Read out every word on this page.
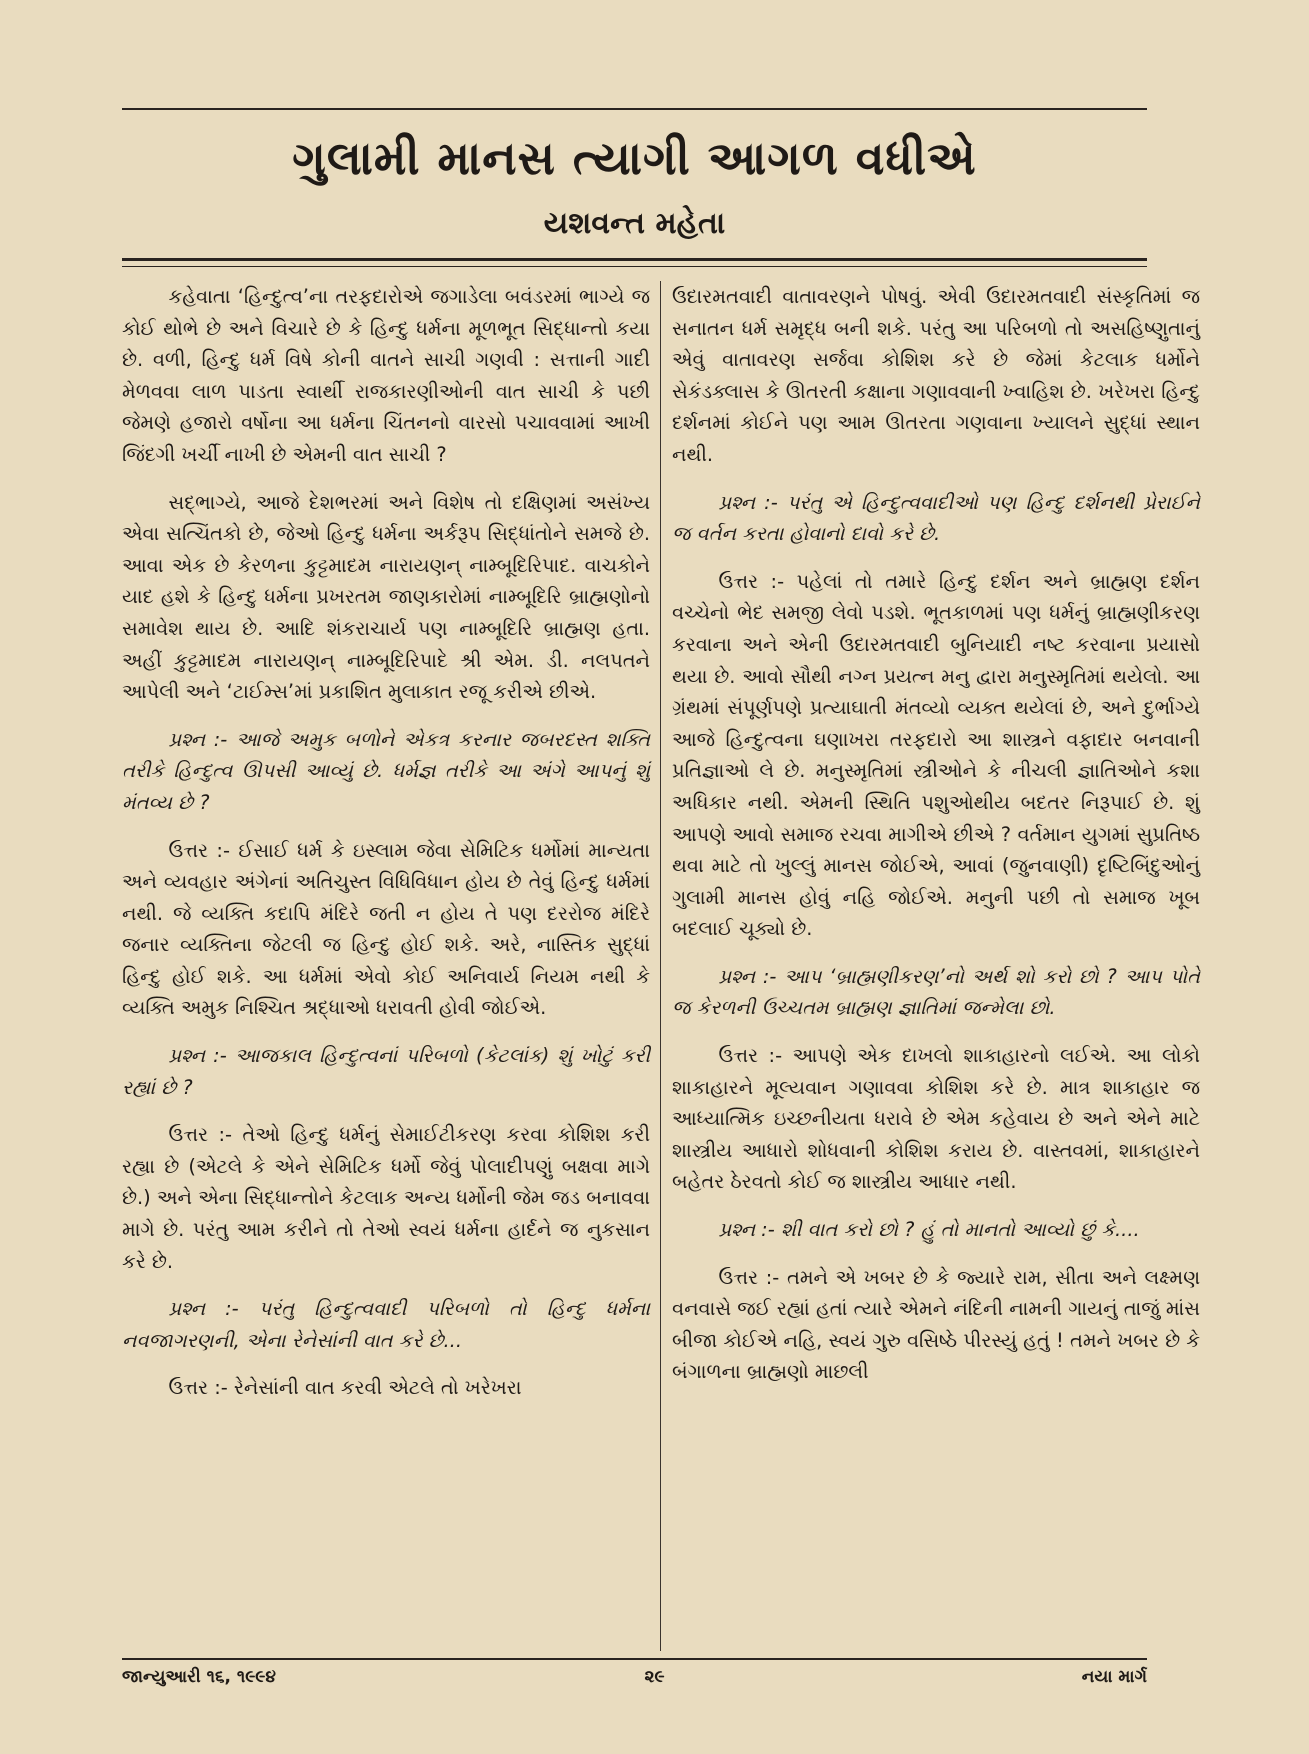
ગુલામી માનસ ત્યાગી આગળ વધીએ
યશવન્ત મહેતા

કહેવાતા ‘હિન્દુત્વ’ના તરફદારોએ જગાડેલા બવંડરમાં ભાગ્યે જ કોઈ થોભે છે અને વિચારે છે કે હિન્દુ ધર્મના મૂળભૂત સિદ્ધાન્તો કયા છે. વળી, હિન્દુ ધર્મ વિષે કોની વાતને સાચી ગણવી : સત્તાની ગાદી મેળવવા લાળ પાડતા સ્વાર્થી રાજકારણીઓની વાત સાચી કે પછી જેમણે હજારો વર્ષોના આ ધર્મના ચિંતનનો વારસો પચાવવામાં આખી જિંદગી ખર્ચી નાખી છે એમની વાત સાચી ?

સદ્‌ભાગ્યે, આજે દેશભરમાં અને વિશેષ તો દક્ષિણમાં અસંખ્ય એવા સત્ચિંતકો છે, જેઓ હિન્દુ ધર્મના અર્કરૂપ સિદ્ધાંતોને સમજે છે. આવા એક છે કેરળના કુટ્ટમાદમ નારાયણન્ નામ્બૂદિરિપાદ. વાચકોને યાદ હશે કે હિન્દુ ધર્મના પ્રખરતમ જાણકારોમાં નામ્બૂદિરિ બ્રાહ્મણોનો સમાવેશ થાય છે. આદિ શંકરાચાર્ય પણ નામ્બૂદિરિ બ્રાહ્મણ હતા. અહીં કુટ્ટમાદમ નારાયણન્ નામ્બૂદિરિપાદે શ્રી એમ. ડી. નલપતને આપેલી અને ‘ટાઈમ્સ’માં પ્રકાશિત મુલાકાત રજૂ કરીએ છીએ.

પ્રશ્ન :- આજે અમુક બળોને એકત્ર કરનાર જબરદસ્ત શક્તિ તરીકે હિન્દુત્વ ઊપસી આવ્યું છે. ધર્મજ્ઞ તરીકે આ અંગે આપનું શું મંતવ્ય છે ?

ઉત્તર :- ઈસાઈ ધર્મ કે ઇસ્લામ જેવા સેમિટિક ધર્મોમાં માન્યતા અને વ્યવહાર અંગેનાં અતિચુસ્ત વિધિવિધાન હોય છે તેવું હિન્દુ ધર્મમાં નથી. જે વ્યક્તિ કદાપિ મંદિરે જતી ન હોય તે પણ દરરોજ મંદિરે જનાર વ્યક્તિના જેટલી જ હિન્દુ હોઈ શકે. અરે, નાસ્તિક સુદ્ધાં હિન્દુ હોઈ શકે. આ ધર્મમાં એવો કોઈ અનિવાર્ય નિયમ નથી કે વ્યક્તિ અમુક નિશ્ચિત શ્રદ્ધાઓ ધરાવતી હોવી જોઈએ.

પ્રશ્ન :- આજકાલ હિન્દુત્વનાં પરિબળો (કેટલાંક) શું ખોટું કરી રહ્યાં છે ?

ઉત્તર :- તેઓ હિન્દુ ધર્મનું સેમાઈટીકરણ કરવા કોશિશ કરી રહ્યા છે (એટલે કે એને સેમિટિક ધર્મો જેવું પોલાદીપણું બક્ષવા માગે છે.) અને એના સિદ્ધાન્તોને કેટલાક અન્ય ધર્મોની જેમ જડ બનાવવા માગે છે. પરંતુ આમ કરીને તો તેઓ સ્વયં ધર્મના હાર્દને જ નુકસાન કરે છે.

પ્રશ્ન :- પરંતુ હિન્દુત્વવાદી પરિબળો તો હિન્દુ ધર્મના નવજાગરણની, એના રેનેસાંની વાત કરે છે...

ઉત્તર :- રેનેસાંની વાત કરવી એટલે તો ખરેખરા

ઉદારમતવાદી વાતાવરણને પોષવું. એવી ઉદારમતવાદી સંસ્કૃતિમાં જ સનાતન ધર્મ સમૃદ્ધ બની શકે. પરંતુ આ પરિબળો તો અસહિષ્ણુતાનું એવું વાતાવરણ સર્જવા કોશિશ કરે છે જેમાં કેટલાક ધર્મોને સેકંડક્લાસ કે ઊતરતી કક્ષાના ગણાવવાની ખ્વાહિશ છે. ખરેખરા હિન્દુ દર્શનમાં કોઈને પણ આમ ઊતરતા ગણવાના ખ્યાલને સુદ્ધાં સ્થાન નથી.

પ્રશ્ન :- પરંતુ એ હિન્દુત્વવાદીઓ પણ હિન્દુ દર્શનથી પ્રેરાઈને જ વર્તન કરતા હોવાનો દાવો કરે છે.

ઉત્તર :- પહેલાં તો તમારે હિન્દુ દર્શન અને બ્રાહ્મણ દર્શન વચ્ચેનો ભેદ સમજી લેવો પડશે. ભૂતકાળમાં પણ ધર્મનું બ્રાહ્મણીકરણ કરવાના અને એની ઉદારમતવાદી બુનિયાદી નષ્ટ કરવાના પ્રયાસો થયા છે. આવો સૌથી નગ્ન પ્રયત્ન મનુ દ્વારા મનુસ્મૃતિમાં થયેલો. આ ગ્રંથમાં સંપૂર્ણપણે પ્રત્યાઘાતી મંતવ્યો વ્યક્ત થયેલાં છે, અને દુર્ભાગ્યે આજે હિન્દુત્વના ઘણાખરા તરફદારો આ શાસ્ત્રને વફાદાર બનવાની પ્રતિજ્ઞાઓ લે છે. મનુસ્મૃતિમાં સ્ત્રીઓને કે નીચલી જ્ઞાતિઓને કશા અધિકાર નથી. એમની સ્થિતિ પશુઓથીય બદતર નિરૂપાઈ છે. શું આપણે આવો સમાજ રચવા માગીએ છીએ ? વર્તમાન યુગમાં સુપ્રતિષ્ઠ થવા માટે તો ખુલ્લું માનસ જોઈએ, આવાં (જુનવાણી) દૃષ્ટિબિંદુઓનું ગુલામી માનસ હોવું નહિ જોઈએ. મનુની પછી તો સમાજ ખૂબ બદલાઈ ચૂક્યો છે.

પ્રશ્ન :- આપ ‘બ્રાહ્મણીકરણ’નો અર્થ શો કરો છો ? આપ પોતે જ કેરળની ઉચ્ચતમ બ્રાહ્મણ જ્ઞાતિમાં જન્મેલા છો.

ઉત્તર :- આપણે એક દાખલો શાકાહારનો લઈએ. આ લોકો શાકાહારને મૂલ્યવાન ગણાવવા કોશિશ કરે છે. માત્ર શાકાહાર જ આધ્યાત્મિક ઇચ્છનીયતા ધરાવે છે એમ કહેવાય છે અને એને માટે શાસ્ત્રીય આધારો શોધવાની કોશિશ કરાય છે. વાસ્તવમાં, શાકાહારને બહેતર ઠેરવતો કોઈ જ શાસ્ત્રીય આધાર નથી.

પ્રશ્ન :- શી વાત કરો છો ? હું તો માનતો આવ્યો છું કે....

ઉત્તર :- તમને એ ખબર છે કે જ્યારે રામ, સીતા અને લક્ષ્મણ વનવાસે જઈ રહ્યાં હતાં ત્યારે એમને નંદિની નામની ગાયનું તાજું માંસ બીજા કોઈએ નહિ, સ્વયં ગુરુ વસિષ્ઠે પીરસ્યું હતું ! તમને ખબર છે કે બંગાળના બ્રાહ્મણો માછલી

જાન્યુઆરી ૧૬, ૧૯૯૪	૨૯	નયા માર્ગ
